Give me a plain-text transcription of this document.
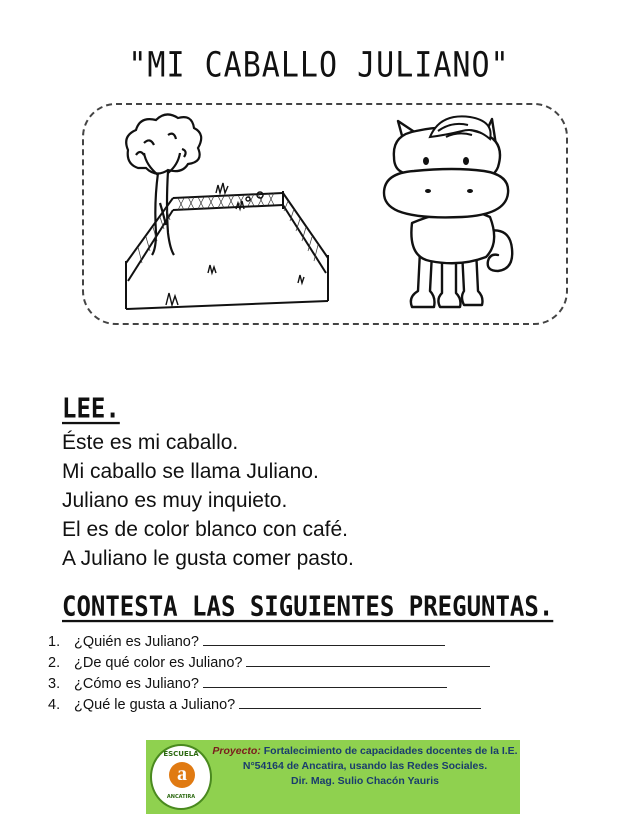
"MI CABALLO JULIANO"
LEE.
Éste es mi caballo.
Mi caballo se llama Juliano.
Juliano es muy inquieto.
El es de color blanco con café.
A Juliano le gusta comer pasto.
CONTESTA LAS SIGUIENTES PREGUNTAS.
1. ¿Quién es Juliano?
2. ¿De qué color es Juliano?
3. ¿Cómo es Juliano?
4. ¿Qué le gusta a Juliano?
ESCUELA
a
ANCATIRA
Proyecto: Fortalecimiento de capacidades docentes de la I.E.
N°54164 de Ancatira, usando las Redes Sociales.
Dir. Mag. Sulio Chacón Yauris
